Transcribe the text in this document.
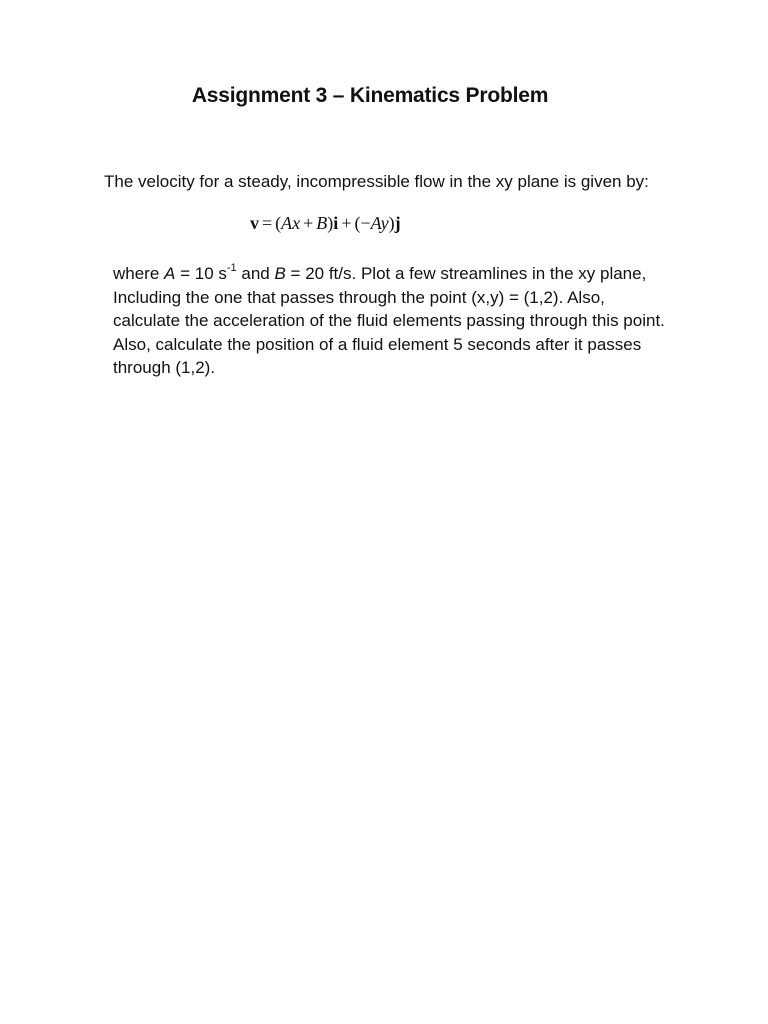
Assignment 3 – Kinematics Problem
The velocity for a steady, incompressible flow in the xy plane is given by:
v = (Ax + B)i + (−Ay)j
where A = 10 $s^{-1}$ and B = 20 ft/s. Plot a few streamlines in the xy plane, Including the one that passes through the point (x,y) = (1,2). Also, calculate the acceleration of the fluid elements passing through this point. Also, calculate the position of a fluid element 5 seconds after it passes through (1,2).
